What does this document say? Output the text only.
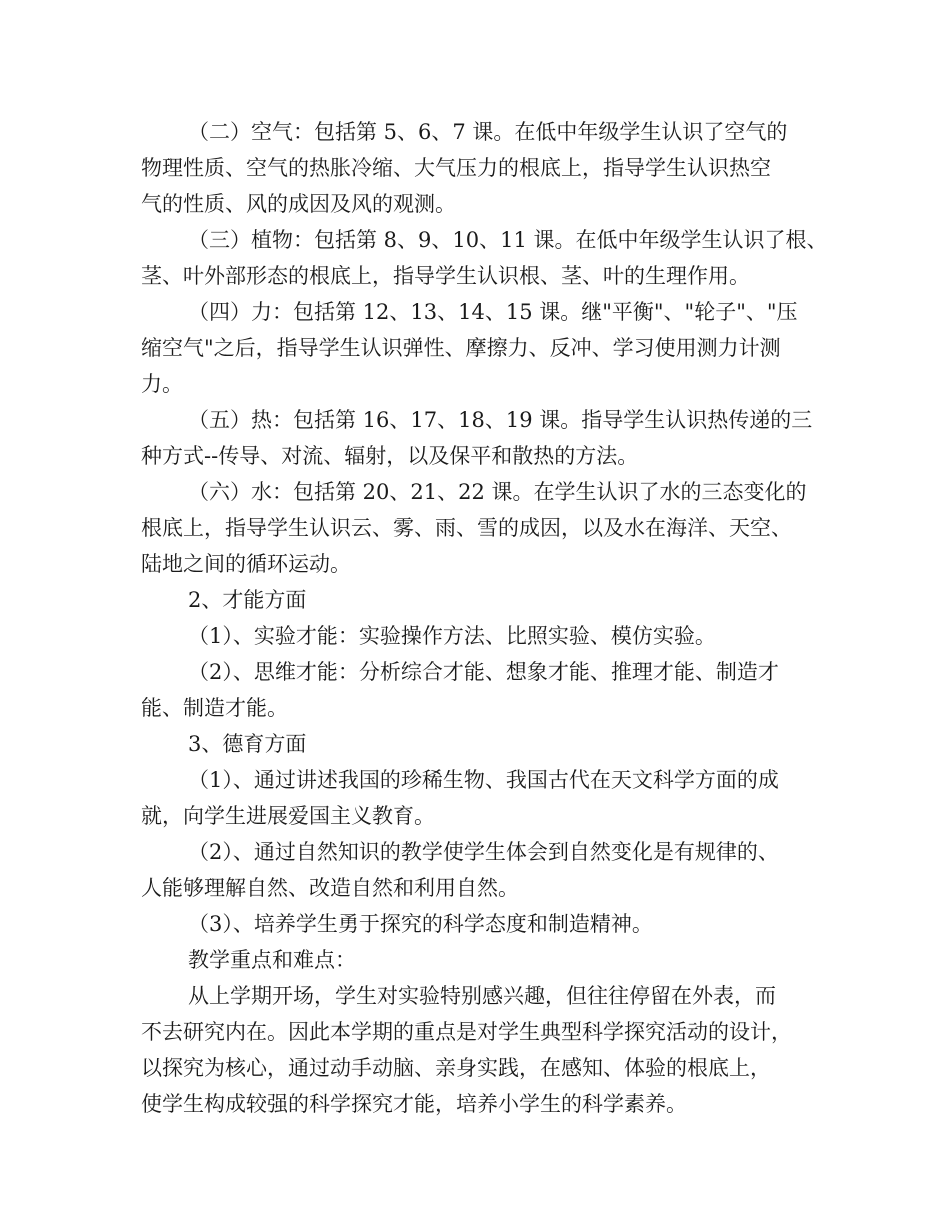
（二）空气：包括第 5、6、7 课。在低中年级学生认识了空气的
物理性质、空气的热胀冷缩、大气压力的根底上，指导学生认识热空
气的性质、风的成因及风的观测。
（三）植物：包括第 8、9、10、11 课。在低中年级学生认识了根、
茎、叶外部形态的根底上，指导学生认识根、茎、叶的生理作用。
（四）力：包括第 12、13、14、15 课。继"平衡"、"轮子"、"压
缩空气"之后，指导学生认识弹性、摩擦力、反冲、学习使用测力计测
力。
（五）热：包括第 16、17、18、19 课。指导学生认识热传递的三
种方式--传导、对流、辐射，以及保平和散热的方法。
（六）水：包括第 20、21、22 课。在学生认识了水的三态变化的
根底上，指导学生认识云、雾、雨、雪的成因，以及水在海洋、天空、
陆地之间的循环运动。
2、才能方面
（1）、实验才能：实验操作方法、比照实验、模仿实验。
（2）、思维才能：分析综合才能、想象才能、推理才能、制造才
能、制造才能。
3、德育方面
（1）、通过讲述我国的珍稀生物、我国古代在天文科学方面的成
就，向学生进展爱国主义教育。
（2）、通过自然知识的教学使学生体会到自然变化是有规律的、
人能够理解自然、改造自然和利用自然。
（3）、培养学生勇于探究的科学态度和制造精神。
教学重点和难点：
从上学期开场，学生对实验特别感兴趣，但往往停留在外表，而
不去研究内在。因此本学期的重点是对学生典型科学探究活动的设计，
以探究为核心，通过动手动脑、亲身实践，在感知、体验的根底上，
使学生构成较强的科学探究才能，培养小学生的科学素养。
